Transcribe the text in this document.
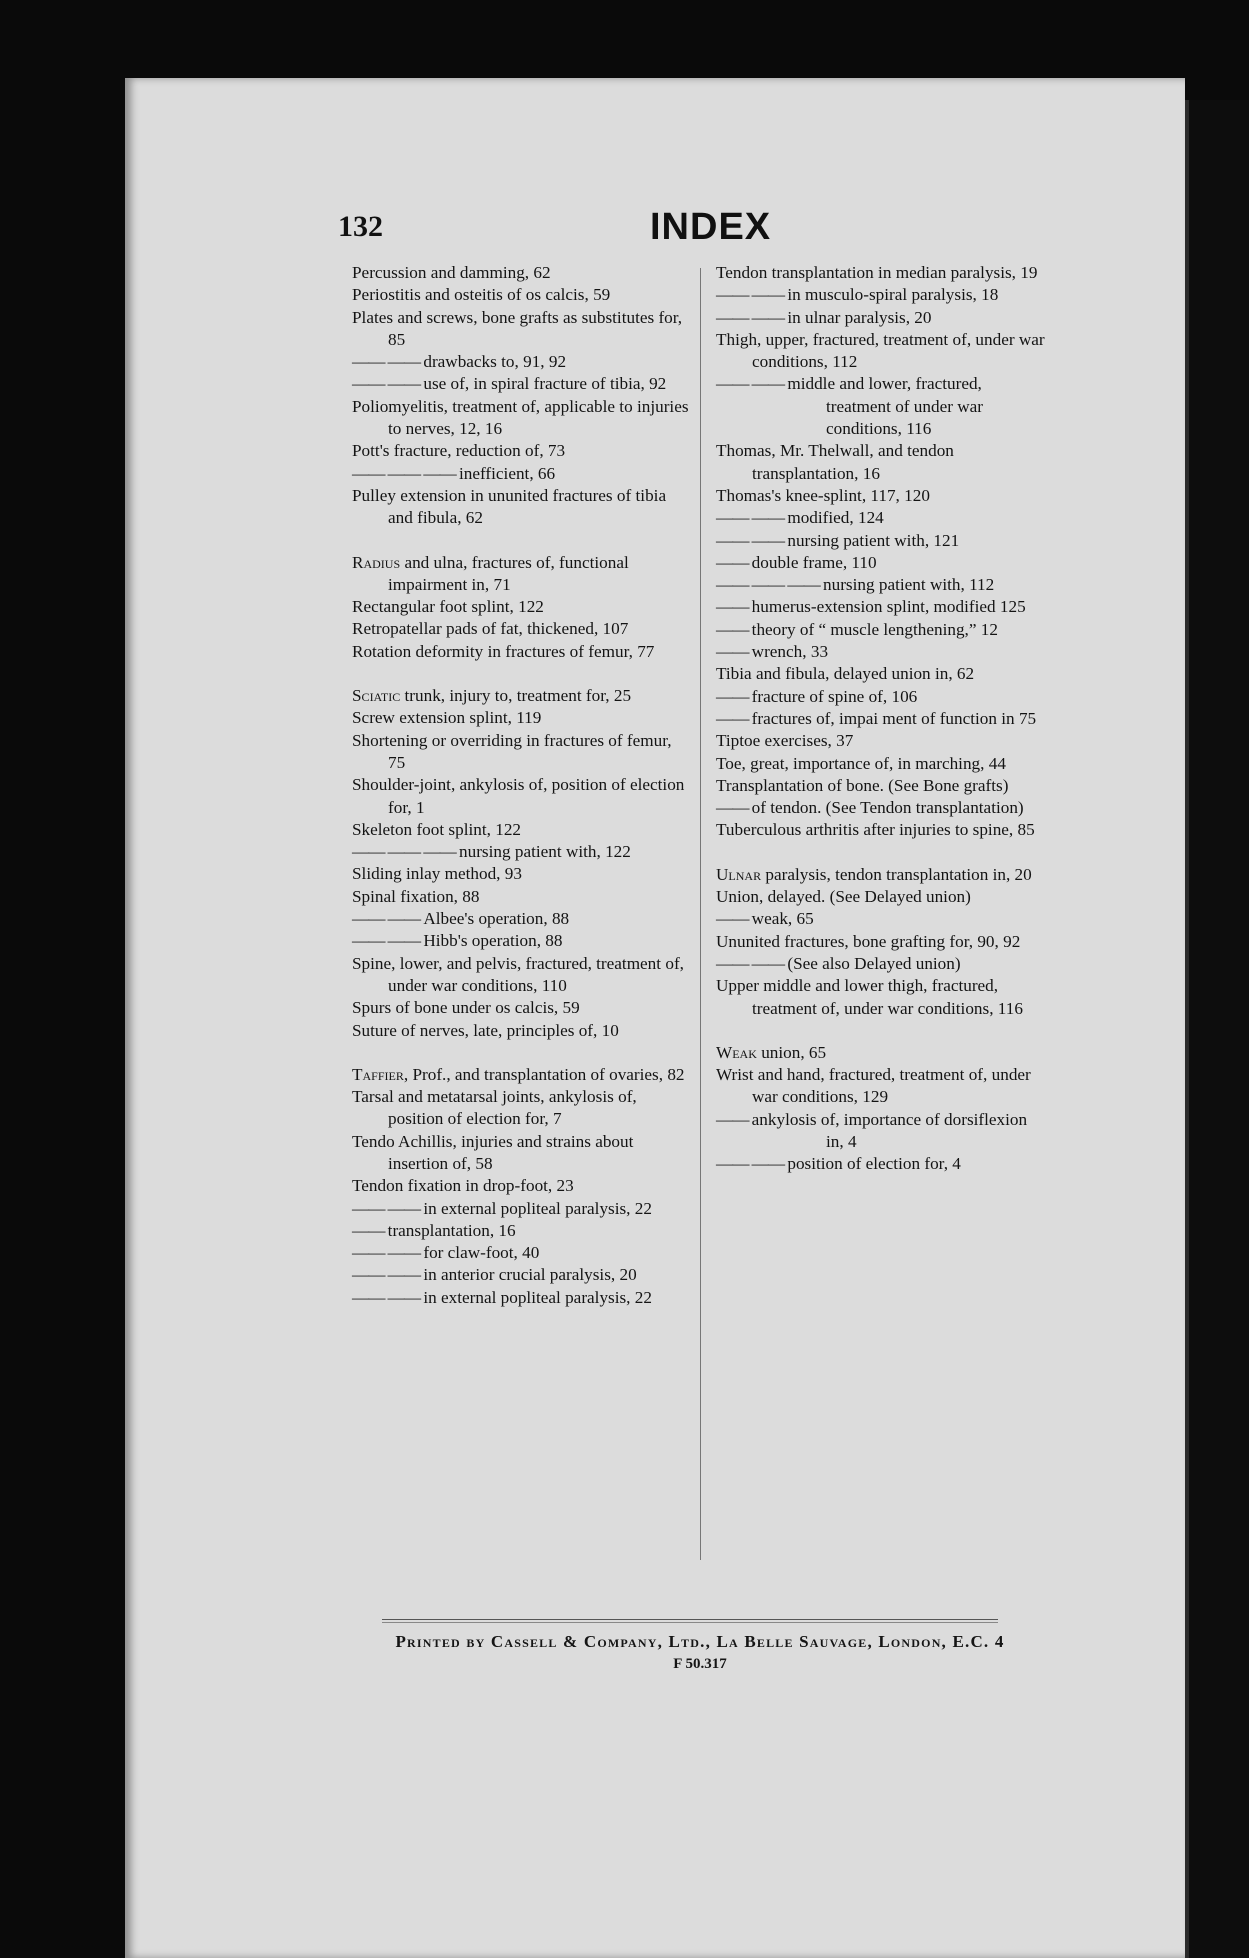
132	INDEX

Percussion and damming, 62

Periostitis and osteitis of os calcis, 59

Plates and screws, bone grafts as substitutes for, 85

—— —— drawbacks to, 91, 92

—— —— use of, in spiral fracture of tibia, 92

Poliomyelitis, treatment of, applicable to injuries to nerves, 12, 16

Pott's fracture, reduction of, 73

—— —— —— inefficient, 66

Pulley extension in ununited fractures of tibia and fibula, 62

Radius and ulna, fractures of, functional impairment in, 71

Rectangular foot splint, 122

Retropatellar pads of fat, thickened, 107

Rotation deformity in fractures of femur, 77

Sciatic trunk, injury to, treatment for, 25

Screw extension splint, 119

Shortening or overriding in fractures of femur, 75

Shoulder-joint, ankylosis of, position of election for, 1

Skeleton foot splint, 122

—— —— —— nursing patient with, 122

Sliding inlay method, 93

Spinal fixation, 88

—— —— Albee's operation, 88

—— —— Hibb's operation, 88

Spine, lower, and pelvis, fractured, treatment of, under war conditions, 110

Spurs of bone under os calcis, 59

Suture of nerves, late, principles of, 10

Taffier, Prof., and transplantation of ovaries, 82

Tarsal and metatarsal joints, ankylosis of, position of election for, 7

Tendo Achillis, injuries and strains about insertion of, 58

Tendon fixation in drop-foot, 23

—— —— in external popliteal paralysis, 22

—— transplantation, 16

—— —— for claw-foot, 40

—— —— in anterior crucial paralysis, 20

—— —— in external popliteal paralysis, 22

Tendon transplantation in median paralysis, 19

—— —— in musculo-spiral paralysis, 18

—— —— in ulnar paralysis, 20

Thigh, upper, fractured, treatment of, under war conditions, 112

—— —— middle and lower, fractured, treatment of under war conditions, 116

Thomas, Mr. Thelwall, and tendon transplantation, 16

Thomas's knee-splint, 117, 120

—— —— modified, 124

—— —— nursing patient with, 121

—— double frame, 110

—— —— —— nursing patient with, 112

—— humerus-extension splint, modified 125

—— theory of “ muscle lengthening,” 12

—— wrench, 33

Tibia and fibula, delayed union in, 62

—— fracture of spine of, 106

—— fractures of, impai ment of function in 75

Tiptoe exercises, 37

Toe, great, importance of, in marching, 44

Transplantation of bone. (See Bone grafts)

—— of tendon. (See Tendon transplantation)

Tuberculous arthritis after injuries to spine, 85

Ulnar paralysis, tendon transplantation in, 20

Union, delayed. (See Delayed union)

—— weak, 65

Ununited fractures, bone grafting for, 90, 92

—— —— (See also Delayed union)

Upper middle and lower thigh, fractured, treatment of, under war conditions, 116

Weak union, 65

Wrist and hand, fractured, treatment of, under war conditions, 129

—— ankylosis of, importance of dorsiflexion in, 4

—— —— position of election for, 4

Printed by Cassell & Company, Ltd., La Belle Sauvage, London, E.C. 4
F 50.317
